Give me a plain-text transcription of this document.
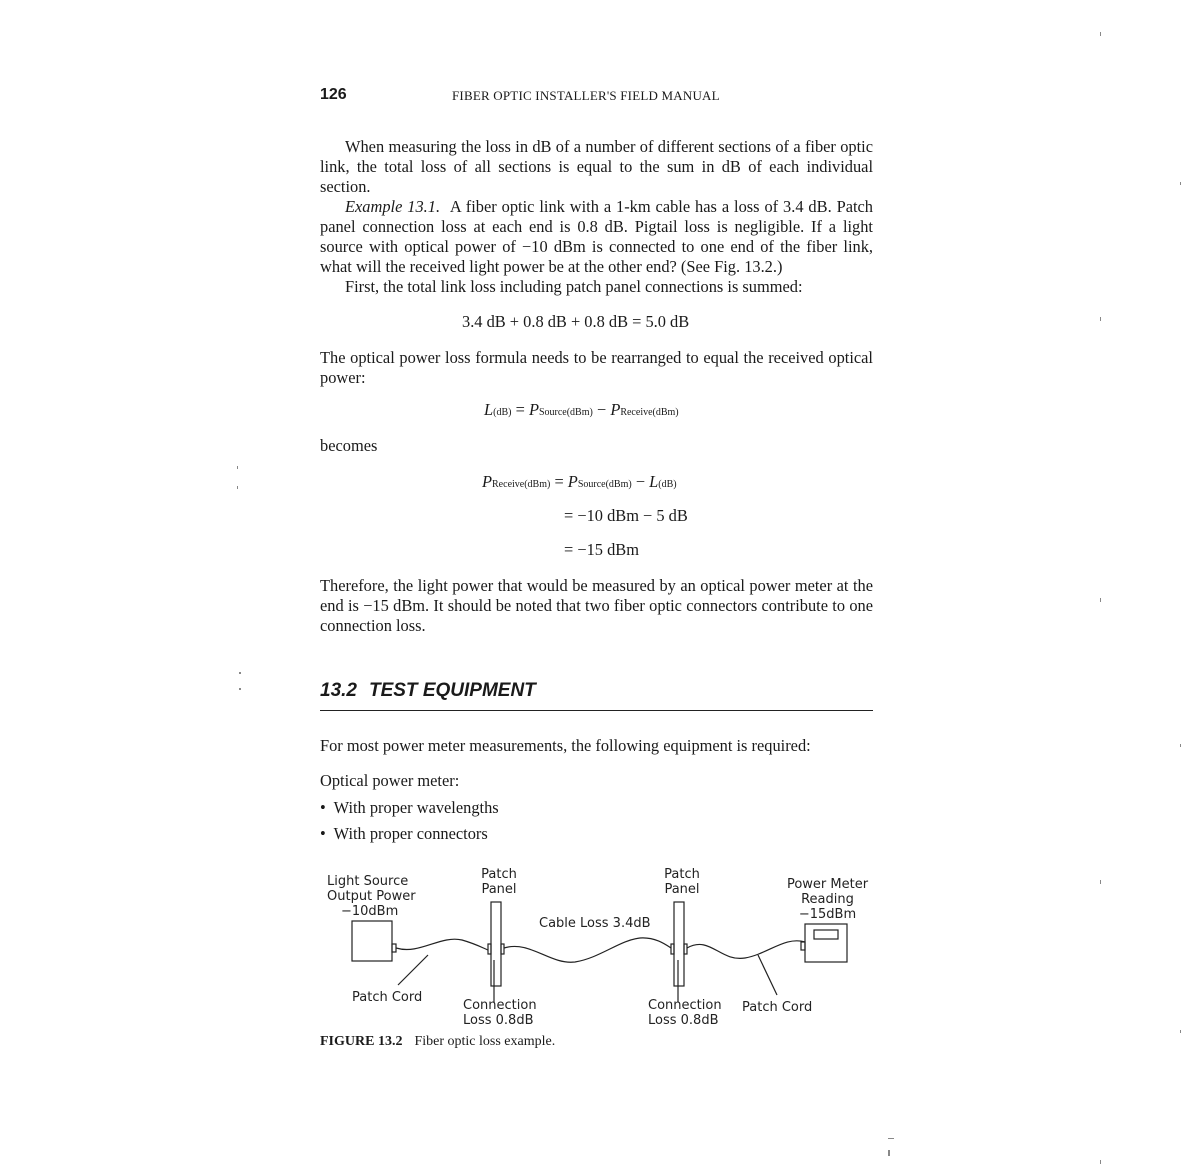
126	FIBER OPTIC INSTALLER'S FIELD MANUAL

When measuring the loss in dB of a number of different sections of a fiber optic link, the total loss of all sections is equal to the sum in dB of each individual section.

Example 13.1. A fiber optic link with a 1-km cable has a loss of 3.4 dB. Patch panel connection loss at each end is 0.8 dB. Pigtail loss is negligible. If a light source with optical power of −10 dBm is connected to one end of the fiber link, what will the received light power be at the other end? (See Fig. 13.2.)

First, the total link loss including patch panel connections is summed:

3.4 dB + 0.8 dB + 0.8 dB = 5.0 dB

The optical power loss formula needs to be rearranged to equal the received optical power:

L(dB) = PSource(dBm) − PReceive(dBm)
becomes
PReceive(dBm) = PSource(dBm) − L(dB)
= −10 dBm − 5 dB
= −15 dBm

Therefore, the light power that would be measured by an optical power meter at the end is −15 dBm. It should be noted that two fiber optic connectors contribute to one connection loss.

13.2 TEST EQUIPMENT

For most power meter measurements, the following equipment is required:

Optical power meter:

•  With proper wavelengths
•  With proper connectors
Light Source
Output Power
−10dBm
Patch
Panel
Patch
Panel	Power Meter
Reading
−15dBm
Cable Loss 3.4dB
Patch Cord
Connection
Loss 0.8dB
Connection
Loss 0.8dB
Patch Cord
FIGURE 13.2 Fiber optic loss example.
